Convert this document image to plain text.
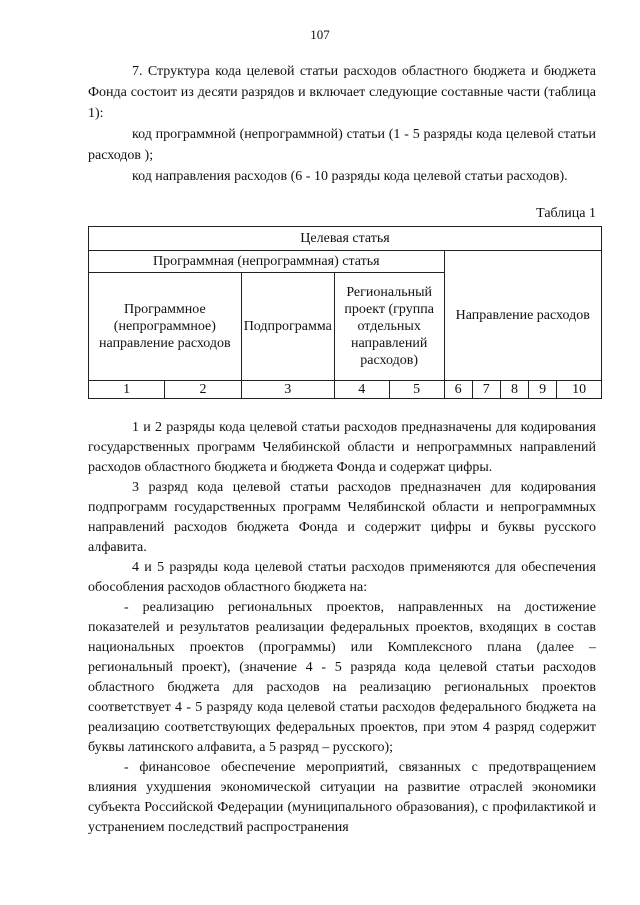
107

7. Структура кода целевой статьи расходов областного бюджета и бюджета Фонда состоит из десяти разрядов и включает следующие составные части (таблица 1):

код программной (непрограммной) статьи (1 - 5 разряды кода целевой статьи расходов );

код направления расходов (6 - 10 разряды кода целевой статьи расходов).

Таблица 1
Целевая статья									
Программная (непрограммная) статья					Направление расходов				
Программное (непрограммное) направление расходов		Подпрограмма	Региональный проект (группа отдельных направлений расходов)						
1	2	3	4	5	6	7	8	9	10

1 и 2 разряды кода целевой статьи расходов предназначены для кодирования государственных программ Челябинской области и непрограммных направлений расходов областного бюджета и бюджета Фонда и содержат цифры.

3 разряд кода целевой статьи расходов предназначен для кодирования подпрограмм государственных программ Челябинской области и непрограммных направлений расходов бюджета Фонда и содержит цифры и буквы русского алфавита.

4 и 5 разряды кода целевой статьи расходов применяются для обеспечения обособления расходов областного бюджета на:

- реализацию региональных проектов, направленных на достижение показателей и результатов реализации федеральных проектов, входящих в состав национальных проектов (программы) или Комплексного плана (далее – региональный проект), (значение 4 - 5 разряда кода целевой статьи расходов областного бюджета для расходов на реализацию региональных проектов соответствует 4 - 5 разряду кода целевой статьи расходов федерального бюджета на реализацию соответствующих федеральных проектов, при этом 4 разряд содержит буквы латинского алфавита, а 5 разряд – русского);

- финансовое обеспечение мероприятий, связанных с предотвращением влияния ухудшения экономической ситуации на развитие отраслей экономики субъекта Российской Федерации (муниципального образования), с профилактикой и устранением последствий распространения
